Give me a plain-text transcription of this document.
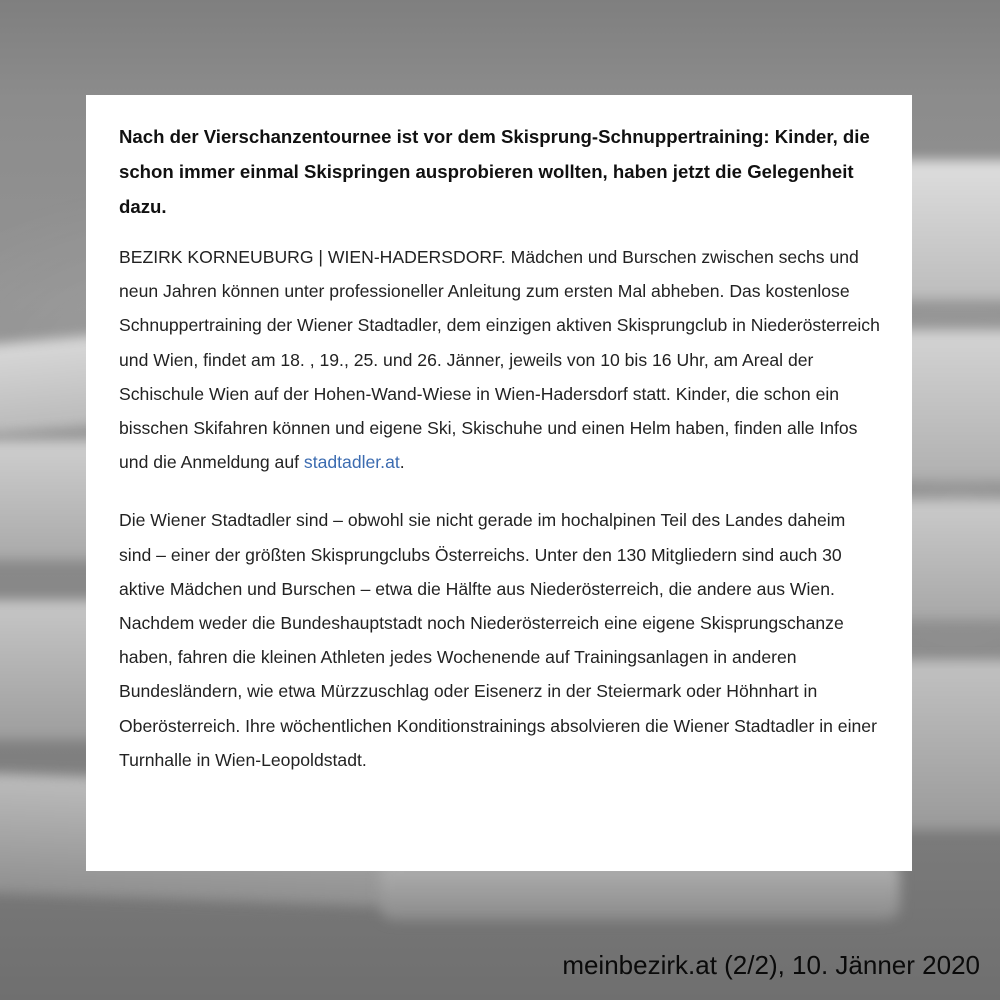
Nach der Vierschanzentournee ist vor dem Skisprung-Schnuppertraining: Kinder, die schon immer einmal Skispringen ausprobieren wollten, haben jetzt die Gelegenheit dazu.

BEZIRK KORNEUBURG | WIEN-HADERSDORF. Mädchen und Burschen zwischen sechs und neun Jahren können unter professioneller Anleitung zum ersten Mal abheben. Das kostenlose Schnuppertraining der Wiener Stadtadler, dem einzigen aktiven Skisprungclub in Niederösterreich und Wien, findet am 18. , 19., 25. und 26. Jänner, jeweils von 10 bis 16 Uhr, am Areal der Schischule Wien auf der Hohen-Wand-Wiese in Wien-Hadersdorf statt. Kinder, die schon ein bisschen Skifahren können und eigene Ski, Skischuhe und einen Helm haben, finden alle Infos und die Anmeldung auf stadtadler.at.

Die Wiener Stadtadler sind – obwohl sie nicht gerade im hochalpinen Teil des Landes daheim sind – einer der größten Skisprungclubs Österreichs. Unter den 130 Mitgliedern sind auch 30 aktive Mädchen und Burschen – etwa die Hälfte aus Niederösterreich, die andere aus Wien. Nachdem weder die Bundeshauptstadt noch Niederösterreich eine eigene Skisprungschanze haben, fahren die kleinen Athleten jedes Wochenende auf Trainingsanlagen in anderen Bundesländern, wie etwa Mürzzuschlag oder Eisenerz in der Steiermark oder Höhnhart in Oberösterreich. Ihre wöchentlichen Konditionstrainings absolvieren die Wiener Stadtadler in einer Turnhalle in Wien-Leopoldstadt.

meinbezirk.at (2/2), 10. Jänner 2020
